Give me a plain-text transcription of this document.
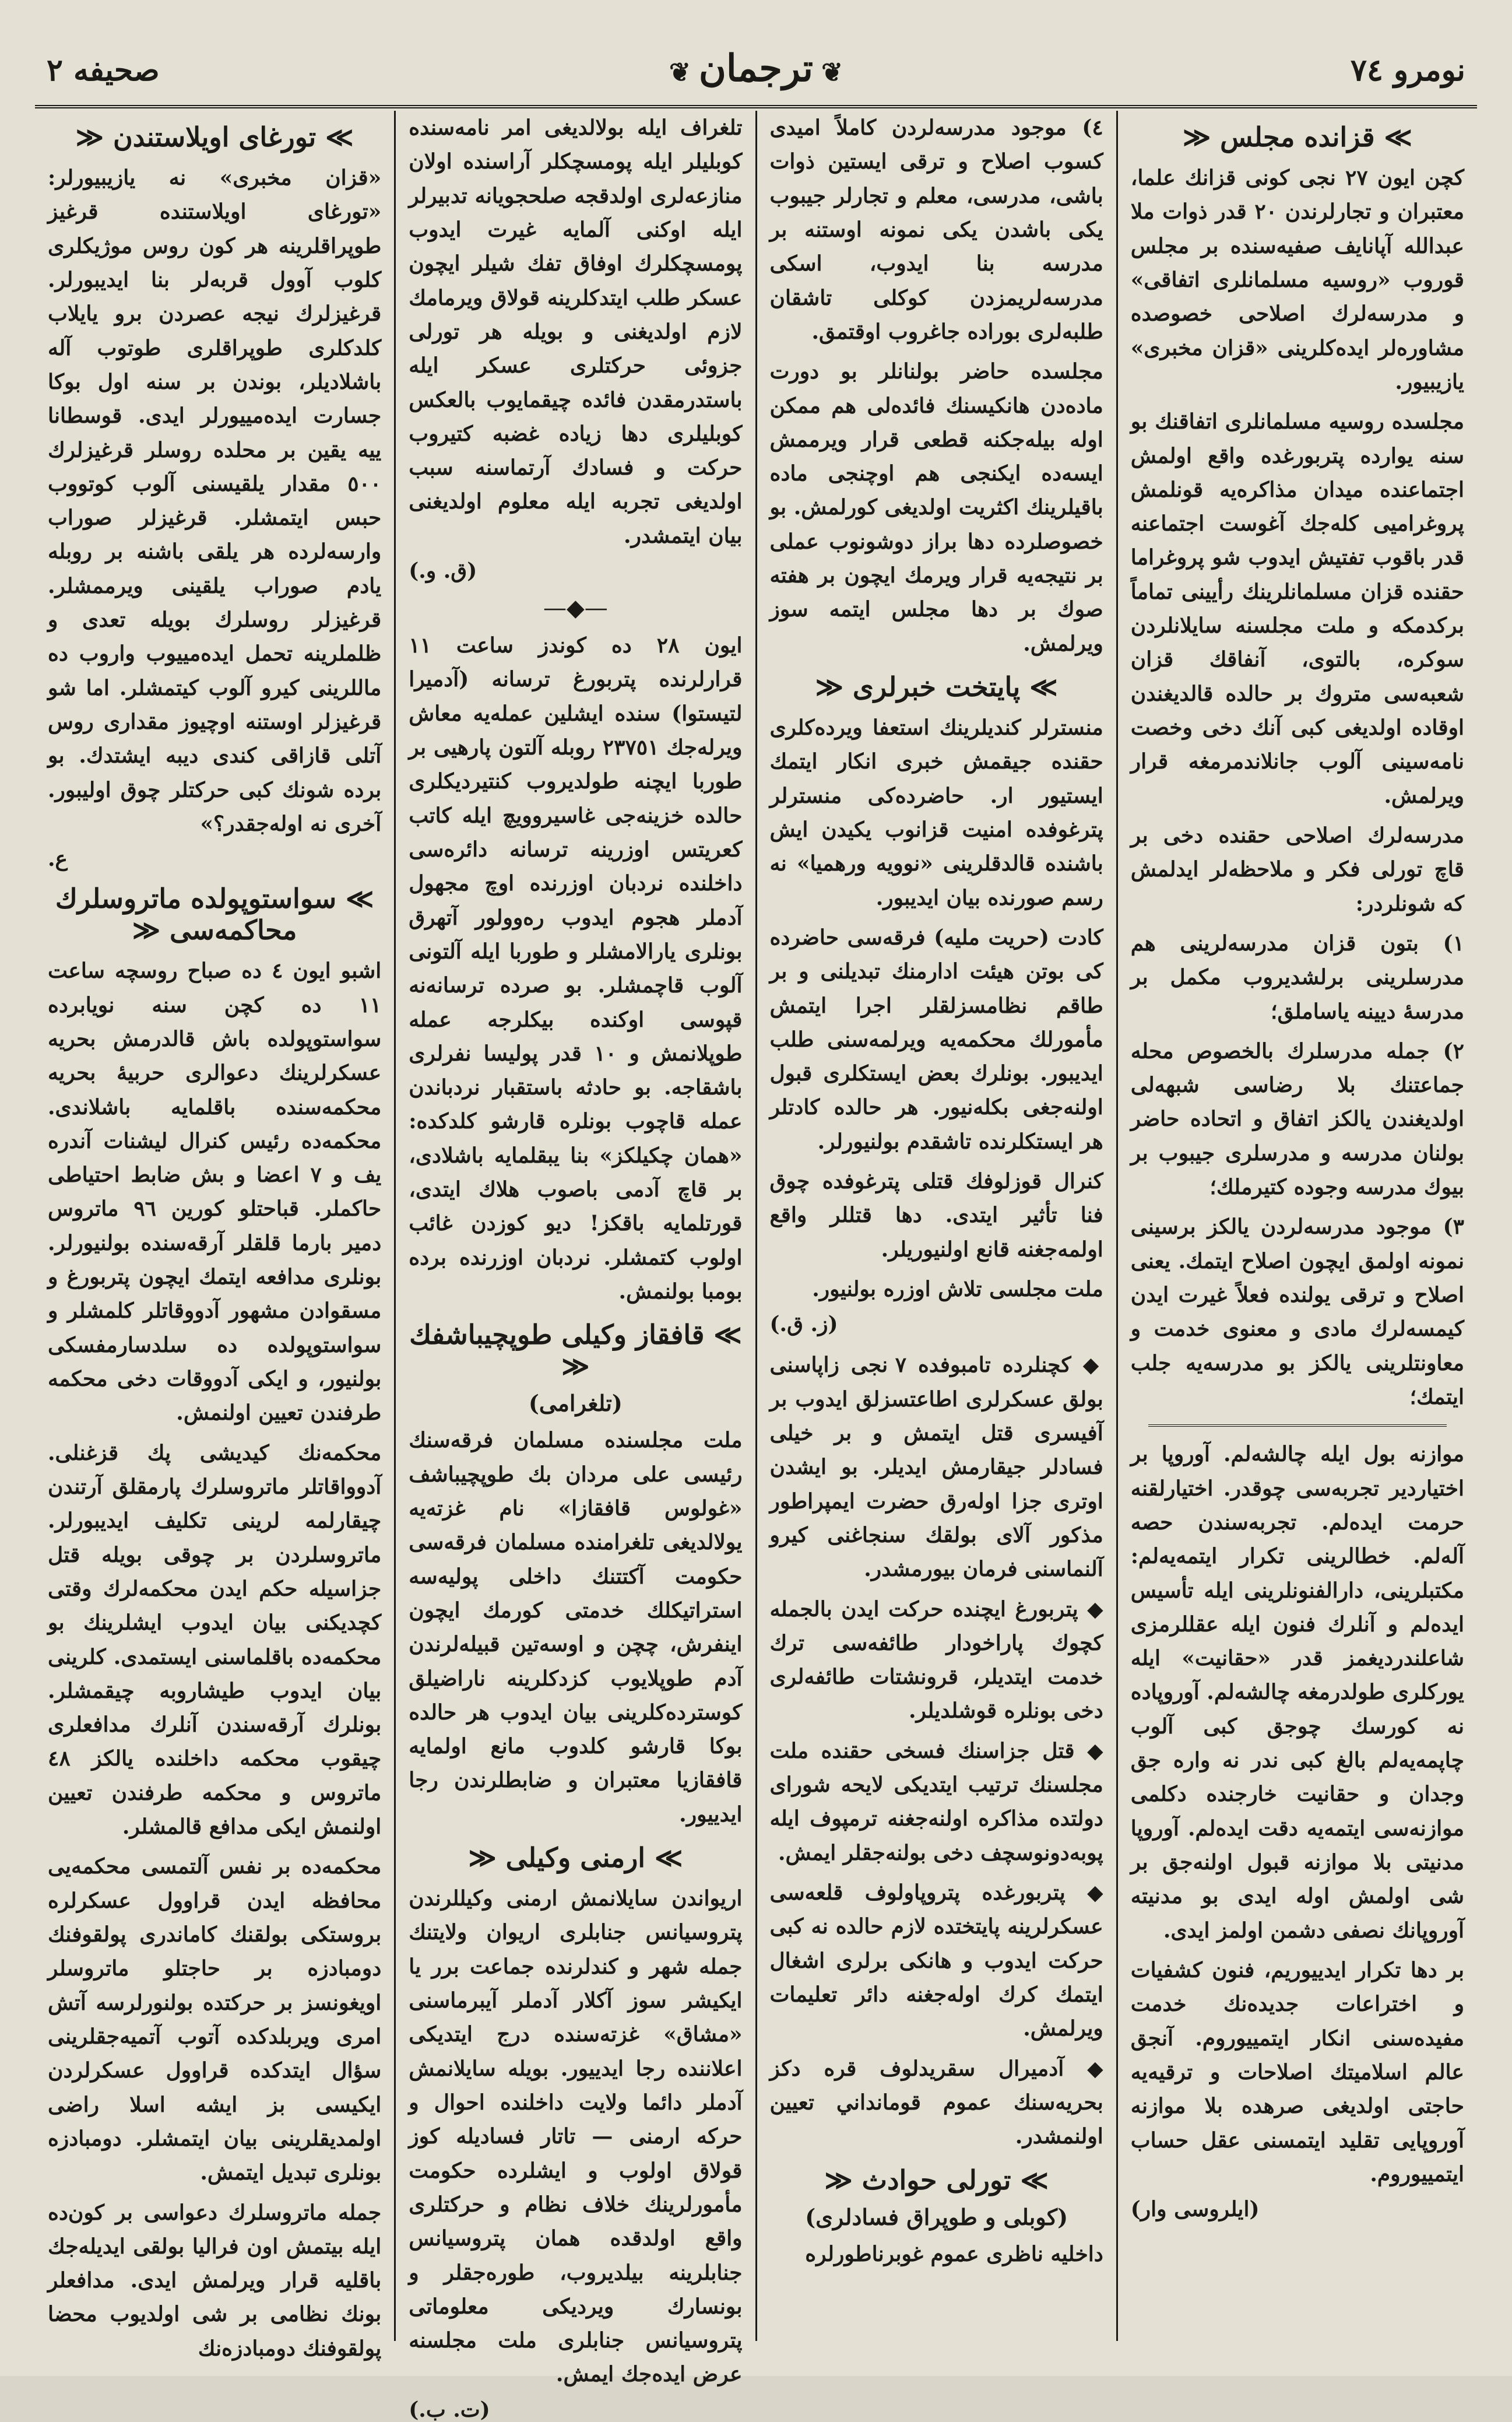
صحيفه ٢
❦	ترجمان ❦	نومرو ٧٤
≫ قزانده مجلس ≪

كچن ايون ٢٧ نجى كونى قزانك علما، معتبران و تجارلرندن ٢٠ قدر ذوات ملا عبدالله آپانايف صفيه‌سنده بر مجلس قوروب «روسيه مسلمانلرى اتفاقى» و مدرسه‌لرك اصلاحى خصوصده مشاوره‌لر ايده‌كلرينى «قزان مخبرى» يازيبيور.

مجلسده روسيه مسلمانلرى اتفاقنك بو سنه يوارده پتربورغده واقع اولمش اجتماعنده ميدان مذاكره‌يه قونلمش پروغراميى كله‌جك آغوست اجتماعنه قدر باقوب تفتيش ايدوب شو پروغراما حقنده قزان مسلمانلرينك رأيينى تماماً بركدمكه و ملت مجلسنه سايلانلردن سوكره، بالتوى، آنفاقك قزان شعبه‌سى متروك بر حالده قالديغندن اوقاده اولديغى كبى آنك دخى وخصت نامه‌سينى آلوب جانلاندمرمغه قرار ويرلمش.

مدرسه‌لرك اصلاحى حقنده دخى بر قاچ تورلى فكر و ملاحظه‌لر ايدلمش كه شونلردر:

١) بتون قزان مدرسه‌لرينى هم مدرسلرينى برلشديروب مكمل بر مدرسهٔ ديينه ياساملق؛

٢) جمله مدرسلرك بالخصوص محله جماعتنك بلا رضاسى شبهه‌لى اولديغندن يالكز اتفاق و اتحاده حاضر بولنان مدرسه و مدرسلرى جيبوب بر بيوك مدرسه وجوده كتيرملك؛

٣) موجود مدرسه‌لردن يالكز برسينى نمونه اولمق ايچون اصلاح ايتمك. يعنى اصلاح و ترقى يولنده فعلاً غيرت ايدن كيمسه‌لرك مادى و معنوى خدمت و معاونتلرينى يالكز بو مدرسه‌يه جلب ايتمك؛

موازنه بول ايله چالشه‌لم. آوروپا بر اختيار‌دير تجربه‌سى چوقدر. اختيارلقنه حرمت ايده‌لم. تجربه‌سندن حصه آله‌لم. خطالرينى تكرار ايتمه‌يه‌لم: مكتبلرينى، دارالفنونلرينى ايله تأسيس ايده‌لم و آنلرك فنون ايله عقللرمزى شاعلندرديغمز قدر «حقانيت» ايله يوركلرى طولدرمغه چالشه‌لم. آوروپاده نه كورسك چوجق كبى آلوب چاپمه‌يه‌لم بالغ كبى ندر نه واره جق وجدان و حقانيت خارجنده دكلمى موازنه‌سى ايتمه‌يه دقت ايده‌لم. آوروپا مدنيتى بلا موازنه قبول اولنه‌جق بر شى اولمش اوله ايدى بو مدنيته آوروپانك نصفى دشمن اولمز ايدى.

بر دها تكرار ايدييوريم، فنون كشفيات و اختراعات جديده‌نك خدمت مفيده‌سنى انكار ايتمييوروم. آنجق عالم اسلاميتك اصلاحات و ترقيه‌يه حاجتى اولديغى صرهده بلا موازنه آوروپايى تقليد ايتمسنى عقل حساب ايتمييوروم.

(ايلروسى وار)

٤) موجود مدرسه‌لردن كاملاً اميدى كسوب اصلاح و ترقى ايستين ذوات باشى، مدرسى، معلم و تجارلر جيبوب يكى باشدن يكى نمونه اوستنه بر مدرسه بنا ايدوب، اسكى مدرسه‌لريمزدن كوكلى تاشقان طلبه‌لرى بوراده جاغروب اوقتمق.

مجلسده حاضر بولنانلر بو دورت ماده‌دن هانكيسنك فائده‌لى هم ممكن اوله بيله‌جكنه قطعى قرار ويرممش ايسه‌ده ايكنجى هم اوچنجى ماده باقيلرينك اكثريت اولديغى كورلمش. بو خصوصلرده دها براز دوشونوب عملى بر نتيجه‌يه قرار ويرمك ايچون بر هفته صوك بر دها مجلس ايتمه سوز ويرلمش.

≫ پايتخت خبرلرى ≪

منسترلر كنديلرينك استعفا ويرده‌كلرى حقنده جيقمش خبرى انكار ايتمك ايستيور ار. حاضرده‌كى منسترلر پترغوفده امنيت قزانوب يكيدن ايش باشنده قالدقلرينى «نوويه ورهميا» نه رسم صورنده بيان ايديبور.

كادت (حريت مليه) فرقه‌سى حاضرده كى بوتن هيئت ادارمنك تبديلنى و بر طاقم نظامسزلقلر اجرا ايتمش مأمورلك محكمه‌يه ويرلمه‌سنى طلب ايديبور. بونلرك بعض ايستكلرى قبول اولنه‌جغى بكله‌نيور. هر حالده كادتلر هر ايستكلرنده تاشقدم بولنيورلر.

كنرال قوزلوفك قتلى پترغوفده چوق فنا تأثير ايتدى. دها قتللر واقع اولمه‌جغنه قانع اولنيوريلر.

ملت مجلسى تلاش اوزره بولنيور.

(ز. ق.)

◆ كچنلرده تامبوفده ٧ نجى زاپاسنى بولق عسكرلرى اطاعتسزلق ايدوب بر آفيسرى قتل ايتمش و بر خيلى فسادلر جيقارمش ايديلر. بو ايشدن اوترى جزا اوله‌رق حضرت ايمپراطور مذكور آلاى بولقك سنجاغنى كيرو آلنماسنى فرمان بيورمشدر.

◆ پتربورغ ايچنده حركت ايدن بالجمله كچوك پاراخودار طائفه‌سى ترك خدمت ايتديلر، قرونشتات طائفه‌لرى دخى بونلره قوشلديلر.

◆ قتل جزاسنك فسخى حقنده ملت مجلسنك ترتيب ايتديكى لايحه شوراى دولتده مذاكره اولنه‌جغنه ترمپوف ايله پوبه‌دونوسچف دخى بولنه‌جقلر ايمش.

◆ پتربورغده پتروپاولوف قلعه‌سى عسكرلرينه پايتختده لازم حالده نه كبى حركت ايدوب و هانكى برلرى اشغال ايتمك كرك اوله‌جغنه دائر تعليمات ويرلمش.

◆ آدميرال سقريدلوف قره دكز بحريه‌سنك عموم قومانداني تعيين اولنمشدر.

≫ تورلى حوادث ≪
(كوبلى و طوپراق فسادلرى)

داخليه ناظرى عموم غوبرناطورلره

تلغراف ايله بولالديغى امر نامه‌سنده كوبليلر ايله پومسچكلر آراسنده اولان منازعه‌لرى اولدقجه صلحجويانه تدبيرلر ايله اوكنى آلمايه غيرت ايدوب پومسچكلرك اوفاق تفك شيلر ايچون عسكر طلب ايتدكلرينه قولاق ويرمامك لازم اولديغنى و بويله هر تورلى جزوئى حركتلرى عسكر ايله باستدرمقدن فائده چيقمايوب بالعكس كوبليلرى دها زياده غضبه كتيروب حركت و فسادك آرتماسنه سبب اولديغى تجربه ايله معلوم اولديغنى بيان ايتمشدر.

(ق. و.)
—◆—

ايون ٢٨ ده كوندز ساعت ١١ قرارلرنده پتربورغ ترسانه (آدميرا لتيستوا) سنده ايشلين عمله‌يه معاش ويرله‌جك ٢٣٧٥١ روبله آلتون پارهيى بر طوربا ايچنه طولديروب كنتيرديكلرى حالده خزينه‌جى غاسيروويچ ايله كاتب كعريتس اوزرينه ترسانه دائره‌سى داخلنده نردبان اوزرنده اوچ مجهول آدملر هجوم ايدوب ره‌وولور آتهرق بونلرى يارالامشلر و طوربا ايله آلتونى آلوب قاچمشلر. بو صرده ترسانه‌نه قپوسى اوكنده بيكلرجه عمله طوپلانمش و ١٠ قدر پوليسا نفرلرى باشقاجه. بو حادثه باستقبار نردباندن عمله قاچوب بونلره قارشو كلدكده: «همان چكيلكز» بنا يبقلمايه باشلادى، بر قاچ آدمى باصوب هلاك ايتدى، قورتلمايه باقكز! ديو كوزدن غائب اولوب كتمشلر. نردبان اوزرنده برده بومبا بولنمش.

≫ قافقاز وكيلى طوپچيباشفك ≪
(تلغرامى)

ملت مجلسنده مسلمان فرقه‌سنك رئيسى على مردان بك طوپچيباشف «غولوس قافقازا» نام غزته‌يه يولالديغى تلغرامنده مسلمان فرقه‌سى حكومت آكتتنك داخلى پوليه‌سه استراتيكلك خدمتى كورمك ايچون اينفرش، چچن و اوسه‌تين قبيله‌لرندن آدم طوپلايوب كزدكلرينه ناراضيلق كوسترده‌كلرينى بيان ايدوب هر حالده بوكا قارشو كلدوب مانع اولمايه قافقازيا معتبران و ضابطلرندن رجا ايدييور.

≫ ارمنى وكيلى ≪

اريواندن سايلانمش ارمنى وكيللرندن پتروسيانس جنابلرى اريوان ولايتنك جمله شهر و كندلرنده جماعت برر يا ايكيشر سوز آكلار آدملر آيبرماسنى «مشاق» غزته‌سنده درج ايتديكى اعلاننده رجا ايدييور. بويله سايلانمش آدملر دائما ولايت داخلنده احوال و حركه ارمنى — تاتار فساديله كوز قولاق اولوب و ايشلرده حكومت مأمورلرينك خلاف نظام و حركتلرى واقع اولدقده همان پتروسيانس جنابلرينه بيلديروب، طوره‌جقلر و بونسارك ويرديكى معلوماتى پتروسيانس جنابلرى ملت مجلسنه عرض ايده‌جك ايمش.

(ت. ب.)
≫ تورغاى اويلاستندن ≪

«قزان مخبرى» نه يازيبيورلر: «تورغاى اويلاستنده قرغيز طوپراقلرينه هر كون روس موژيكلرى كلوب آوول قربه‌لر بنا ايديبورلر. قرغيزلرك نيجه عصردن برو يايلاب كلدكلرى طوپراقلرى طوتوب آله باشلاديلر، بوندن بر سنه اول بوكا جسارت ايده‌مييورلر ايدى. قوسطانا ييه يقين بر محلده روسلر قرغيزلرك ٥٠٠ مقدار يلقيسنى آلوب كوتووب حبس ايتمشلر. قرغيزلر صوراب وارسه‌لرده هر يلقى باشنه بر روبله يادم صوراب يلقينى ويرممشلر. قرغيزلر روسلرك بويله تعدى و ظلملرينه تحمل ايده‌مييوب واروب ده ماللرينى كيرو آلوب كيتمشلر. اما شو قرغيزلر اوستنه اوچيوز مقدارى روس آتلى قازاقى كندى ديبه ايشتدك. بو برده شونك كبى حركتلر چوق اوليبور. آخرى نه اوله‌جقدر؟»

ع.
≫ سواستوپولده ماتروسلرك محاكمه‌سى ≪

اشبو ايون ٤ ده صباح روسچه ساعت ١١ ده كچن سنه نويابرده سواستوپولده باش قالدرمش بحريه عسكرلرينك دعوالرى حربيهٔ بحريه محكمه‌سنده باقلمايه باشلاندى. محكمه‌ده رئيس كنرال ليشنات آندره يف و ٧ اعضا و بش ضابط احتياطى حاكملر. قباحتلو كورين ٩٦ ماتروس دمير بارما قلقلر آرقه‌سنده بولنيورلر. بونلرى مدافعه ايتمك ايچون پتربورغ و مسقوادن مشهور آدووقاتلر كلمشلر و سواستوپولده ده سلدسارمفسكى بولنيور، و ايكى آدووقات دخى محكمه طرفندن تعيين اولنمش.

محكمه‌نك كيديشى پك قزغنلى. آدوواقاتلر ماتروسلرك پارمقلق آرتندن چيقارلمه لرينى تكليف ايديبورلر. ماتروسلردن بر چوقى بويله قتل جزاسيله حكم ايدن محكمه‌لرك وقتى كچديكنى بيان ايدوب ايشلرينك بو محكمه‌ده باقلماسنى ايستمدى. كلرينى بيان ايدوب طيشاروبه چيقمشلر. بونلرك آرقه‌سندن آنلرك مدافعلرى چيقوب محكمه داخلنده يالكز ٤٨ ماتروس و محكمه طرفندن تعيين اولنمش ايكى مدافع قالمشلر.

محكمه‌ده بر نفس آلتمسى محكمه‌يى محافظه ايدن قراوول عسكرلره بروستكى بولقنك كاماندرى پولقوفنك دومبادزه بر حاجتلو ماتروسلر اويغونسز بر حركتده بولنورلرسه آتش امرى ويربلدكده آتوب آتميه‌جقلرينى سؤال ايتدكده قراوول عسكرلردن ايكيسى بز ايشه اسلا راضى اولمديقلرينى بيان ايتمشلر. دومبادزه بونلرى تبديل ايتمش.

جمله ماتروسلرك دعواسى بر كون‌ده ايله بيتمش اون فراليا بولقى ايديله‌جك باقليه قرار ويرلمش ايدى. مدافعلر بونك نظامى بر شى اولديوب محضا پولقوفنك دومبادزه‌نك
